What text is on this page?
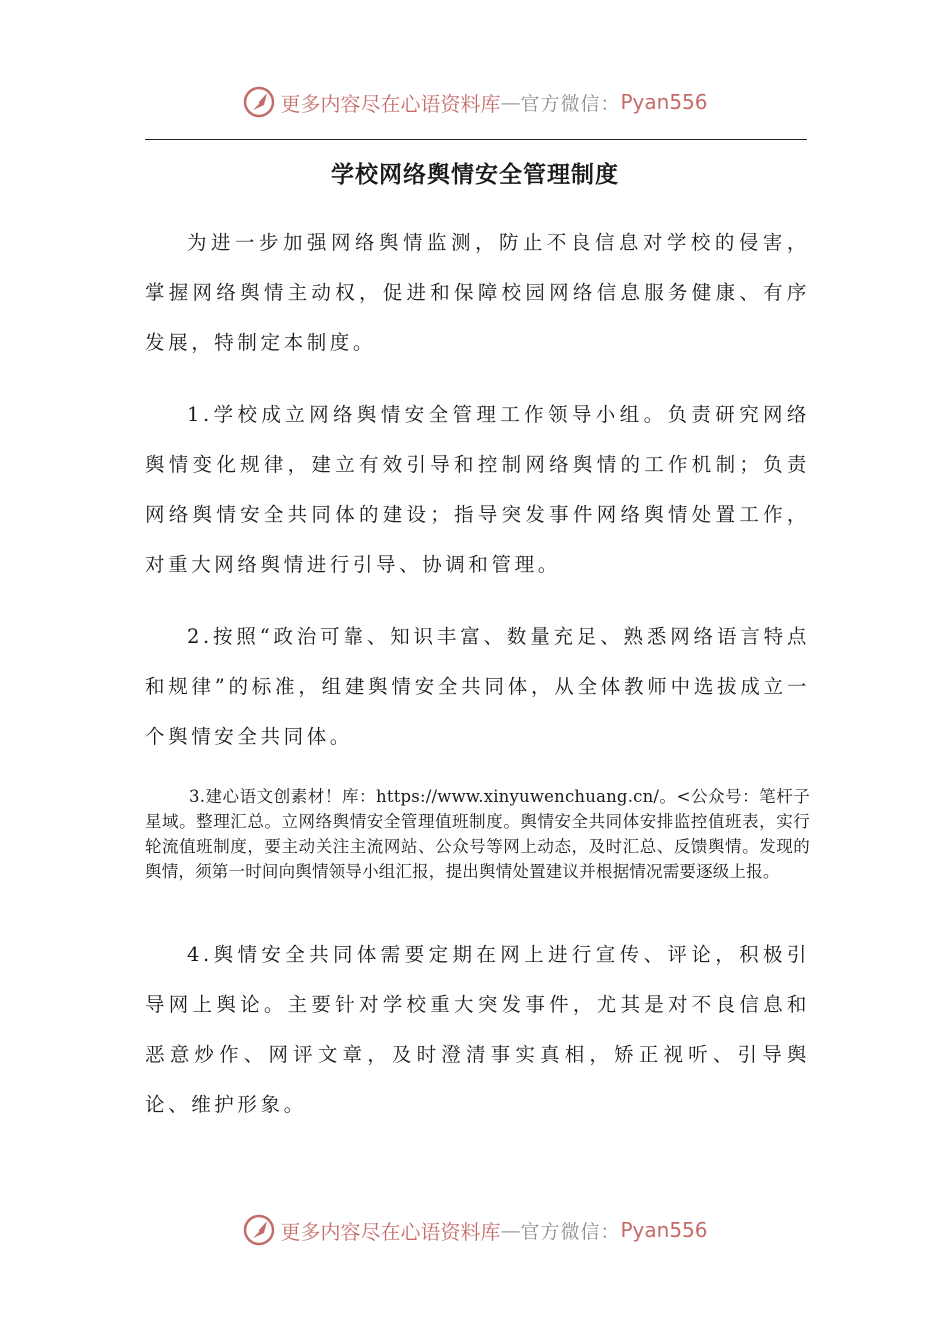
更多内容尽在心语资料库 — 官方微信： Pyan556
学校网络舆情安全管理制度

为进一步加强网络舆情监测，防止不良信息对学校的侵害，掌握网络舆情主动权，促进和保障校园网络信息服务健康、有序发展，特制定本制度。

1.学校成立网络舆情安全管理工作领导小组。负责研究网络舆情变化规律，建立有效引导和控制网络舆情的工作机制；负责网络舆情安全共同体的建设；指导突发事件网络舆情处置工作，对重大网络舆情进行引导、协调和管理。

2.按照“政治可靠、知识丰富、数量充足、熟悉网络语言特点和规律”的标准，组建舆情安全共同体，从全体教师中选拔成立一个舆情安全共同体。

3.建心语文创素材！库：https://www.xinyuwenchuang.cn/。<公众号：笔杆子星域。整理汇总。立网络舆情安全管理值班制度。舆情安全共同体安排监控值班表，实行轮流值班制度，要主动关注主流网站、公众号等网上动态，及时汇总、反馈舆情。发现的舆情，须第一时间向舆情领导小组汇报，提出舆情处置建议并根据情况需要逐级上报。

4.舆情安全共同体需要定期在网上进行宣传、评论，积极引导网上舆论。主要针对学校重大突发事件，尤其是对不良信息和恶意炒作、网评文章，及时澄清事实真相，矫正视听、引导舆论、维护形象。

更多内容尽在心语资料库 — 官方微信： Pyan556
